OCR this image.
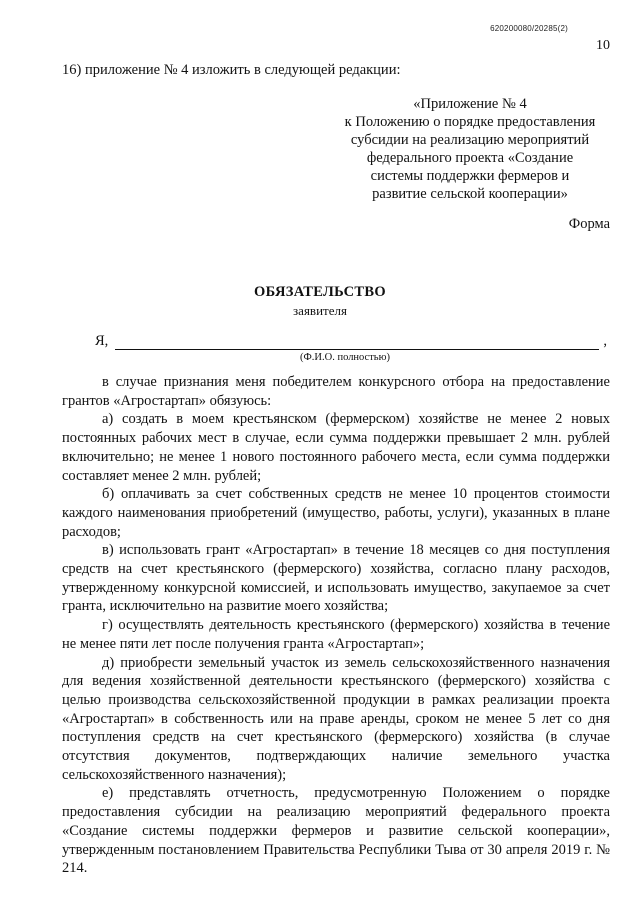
620200080/20285(2)
10
16) приложение № 4 изложить в следующей редакции:
«Приложение № 4
к Положению о порядке предоставления
субсидии на реализацию мероприятий
федерального проекта «Создание
системы поддержки фермеров и
развитие сельской кооперации»
Форма
ОБЯЗАТЕЛЬСТВО
заявителя
Я,	,
(Ф.И.О. полностью)

в случае признания меня победителем конкурсного отбора на предоставление грантов «Агростартап» обязуюсь:

а) создать в моем крестьянском (фермерском) хозяйстве не менее 2 новых постоянных рабочих мест в случае, если сумма поддержки превышает 2 млн. рублей включительно; не менее 1 нового постоянного рабочего места, если сумма поддержки составляет менее 2 млн. рублей;

б) оплачивать за счет собственных средств не менее 10 процентов стоимости каждого наименования приобретений (имущество, работы, услуги), указанных в плане расходов;

в) использовать грант «Агростартап» в течение 18 месяцев со дня поступления средств на счет крестьянского (фермерского) хозяйства, согласно плану расходов, утвержденному конкурсной комиссией, и использовать имущество, закупаемое за счет гранта, исключительно на развитие моего хозяйства;

г) осуществлять деятельность крестьянского (фермерского) хозяйства в течение не менее пяти лет после получения гранта «Агростартап»;

д) приобрести земельный участок из земель сельскохозяйственного назначения для ведения хозяйственной деятельности крестьянского (фермерского) хозяйства с целью производства сельскохозяйственной продукции в рамках реализации проекта «Агростартап» в собственность или на праве аренды, сроком не менее 5 лет со дня поступления средств на счет крестьянского (фермерского) хозяйства (в случае отсутствия документов, подтверждающих наличие земельного участка сельскохозяйственного назначения);

е) представлять отчетность, предусмотренную Положением о порядке предоставления субсидии на реализацию мероприятий федерального проекта «Создание системы поддержки фермеров и развитие сельской кооперации», утвержденным постановлением Правительства Республики Тыва от 30 апреля 2019 г. № 214.
